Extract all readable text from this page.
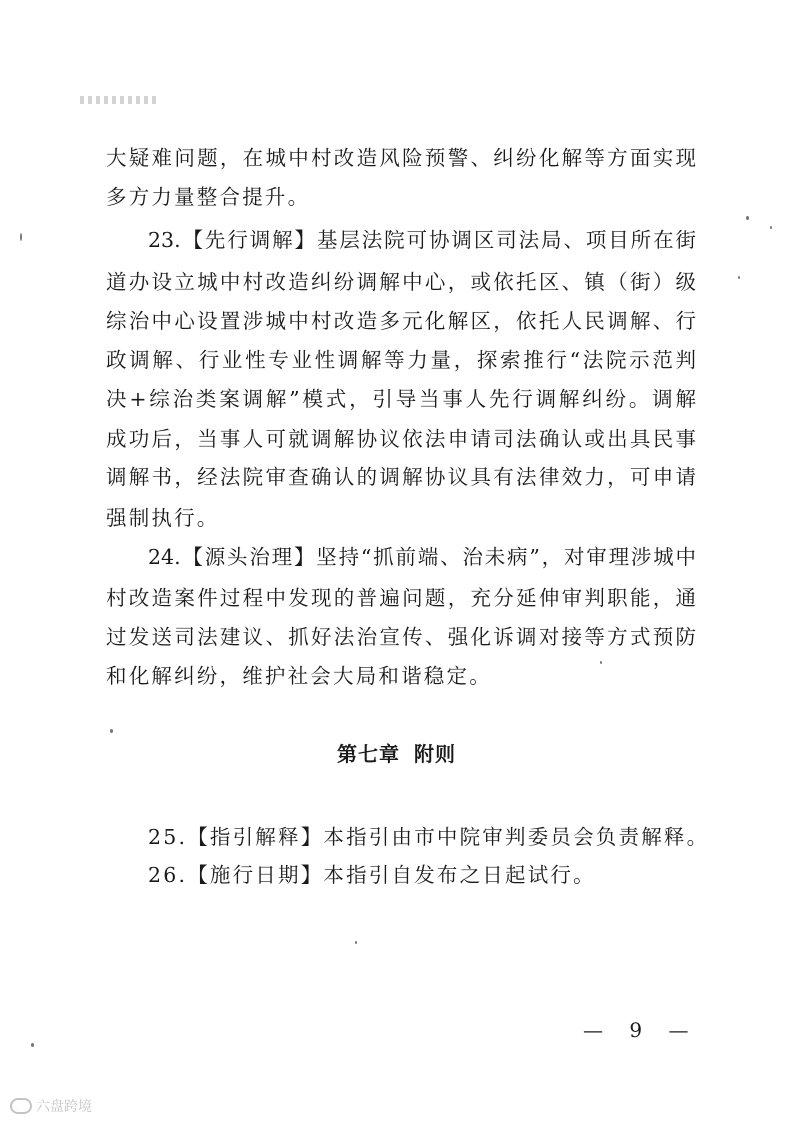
大疑难问题，在城中村改造风险预警、纠纷化解等方面实现
多方力量整合提升。
23.【先行调解】基层法院可协调区司法局、项目所在街
道办设立城中村改造纠纷调解中心，或依托区、镇（街）级
综治中心设置涉城中村改造多元化解区，依托人民调解、行
政调解、行业性专业性调解等力量，探索推行“法院示范判
决+综治类案调解”模式，引导当事人先行调解纠纷。调解
成功后，当事人可就调解协议依法申请司法确认或出具民事
调解书，经法院审查确认的调解协议具有法律效力，可申请
强制执行。
24.【源头治理】坚持“抓前端、治未病”，对审理涉城中
村改造案件过程中发现的普遍问题，充分延伸审判职能，通
过发送司法建议、抓好法治宣传、强化诉调对接等方式预防
和化解纠纷，维护社会大局和谐稳定。
第七章 附则
25.【指引解释】本指引由市中院审判委员会负责解释。
26.【施行日期】本指引自发布之日起试行。
— 9 —
六盘跨境
